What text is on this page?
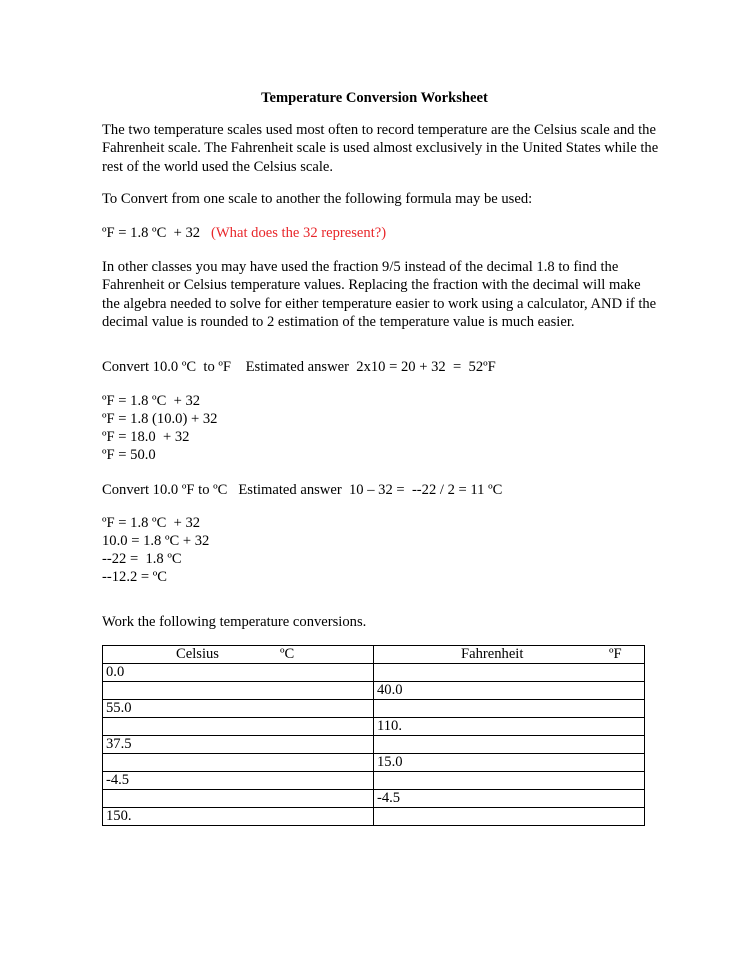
Temperature Conversion Worksheet
The two temperature scales used most often to record temperature are the Celsius scale and the Fahrenheit scale. The Fahrenheit scale is used almost exclusively in the United States while the rest of the world used the Celsius scale.
To Convert from one scale to another the following formula may be used:
ºF = 1.8 ºC  + 32 (What does the 32 represent?)
In other classes you may have used the fraction 9/5 instead of the decimal 1.8 to find the Fahrenheit or Celsius temperature values. Replacing the fraction with the decimal will make the algebra needed to solve for either temperature easier to work using a calculator, AND if the decimal value is rounded to 2 estimation of the temperature value is much easier.
Convert 10.0 ºC  to ºF    Estimated answer  2x10 = 20 + 32  =  52ºF
ºF = 1.8 ºC  + 32
ºF = 1.8 (10.0) + 32
ºF = 18.0  + 32
ºF = 50.0
Convert 10.0 ºF to ºC   Estimated answer  10 – 32 =  --22 / 2 = 11 ºC
ºF = 1.8 ºC  + 32
10.0 = 1.8 ºC + 32
--22 =  1.8 ºC
--12.2 = ºC
Work the following temperature conversions.
Celsius ºC	Fahrenheit ºF

0.0	
	40.0
55.0	
	110.
37.5	
	15.0
-4.5	
	-4.5
150.	
